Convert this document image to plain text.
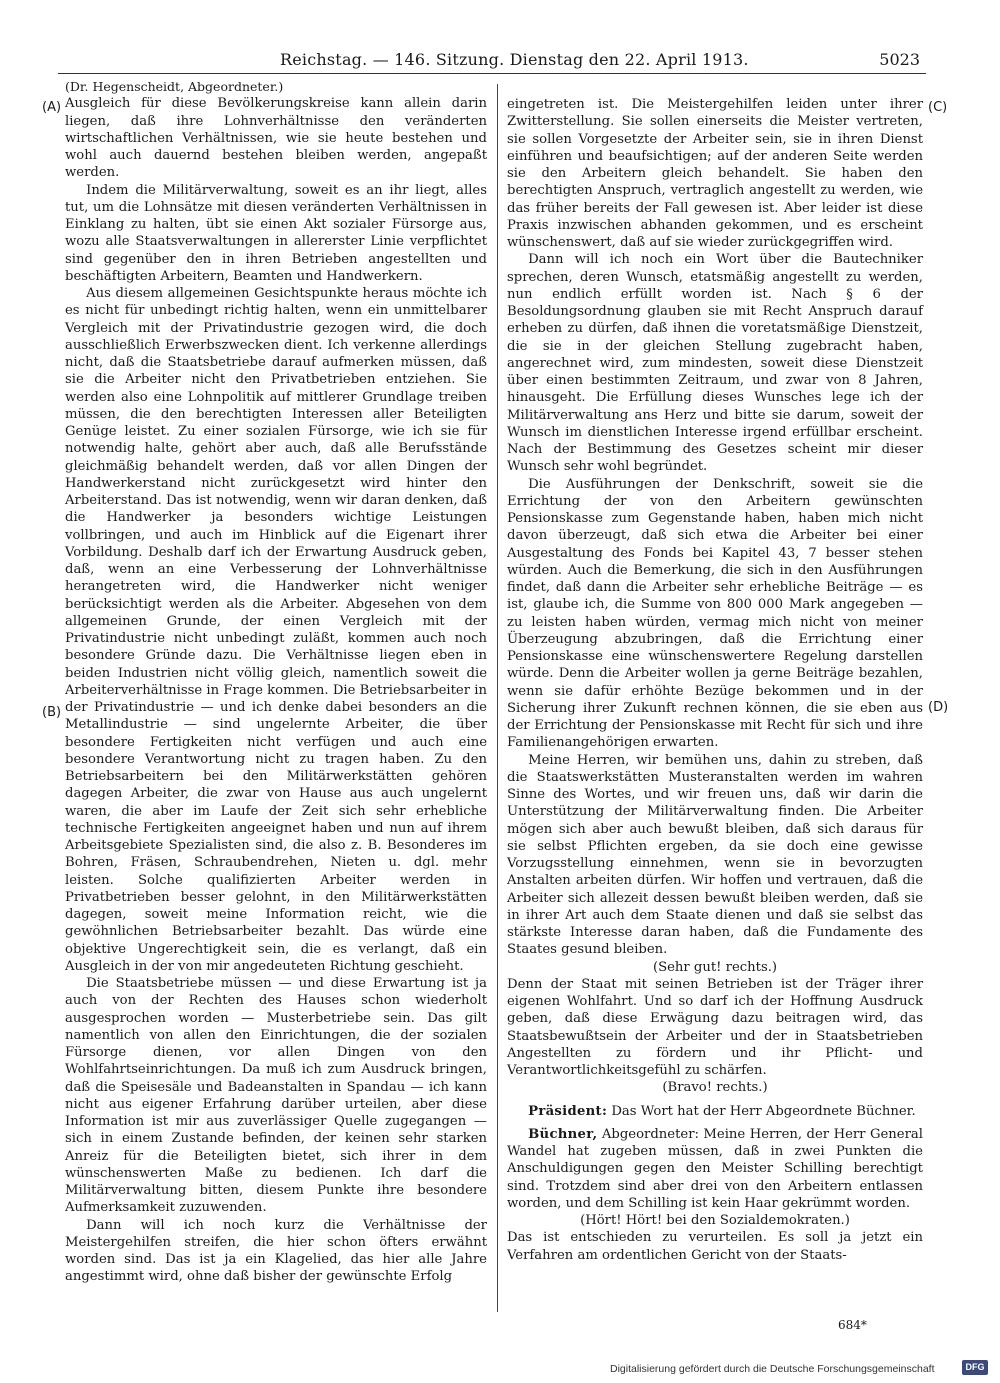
Reichstag. — 146. Sitzung. Dienstag den 22. April 1913.	5023
(A)
(B)
(C)
(D)

(Dr. Hegenscheidt, Abgeordneter.)

Ausgleich für diese Bevölkerungskreise kann allein darin liegen, daß ihre Lohnverhältnisse den veränderten wirtschaftlichen Verhältnissen, wie sie heute bestehen und wohl auch dauernd bestehen bleiben werden, angepaßt werden.

Indem die Militärverwaltung, soweit es an ihr liegt, alles tut, um die Lohnsätze mit diesen veränderten Verhältnissen in Einklang zu halten, übt sie einen Akt sozialer Fürsorge aus, wozu alle Staatsverwaltungen in allererster Linie verpflichtet sind gegenüber den in ihren Betrieben angestellten und beschäftigten Arbeitern, Beamten und Handwerkern.

Aus diesem allgemeinen Gesichtspunkte heraus möchte ich es nicht für unbedingt richtig halten, wenn ein unmittelbarer Vergleich mit der Privatindustrie gezogen wird, die doch ausschließlich Erwerbszwecken dient. Ich verkenne allerdings nicht, daß die Staatsbetriebe darauf aufmerken müssen, daß sie die Arbeiter nicht den Privatbetrieben entziehen. Sie werden also eine Lohnpolitik auf mittlerer Grundlage treiben müssen, die den berechtigten Interessen aller Beteiligten Genüge leistet. Zu einer sozialen Fürsorge, wie ich sie für notwendig halte, gehört aber auch, daß alle Berufsstände gleichmäßig behandelt werden, daß vor allen Dingen der Handwerkerstand nicht zurückgesetzt wird hinter den Arbeiterstand. Das ist notwendig, wenn wir daran denken, daß die Handwerker ja besonders wichtige Leistungen vollbringen, und auch im Hinblick auf die Eigenart ihrer Vorbildung. Deshalb darf ich der Erwartung Ausdruck geben, daß, wenn an eine Verbesserung der Lohnverhältnisse herangetreten wird, die Handwerker nicht weniger berücksichtigt werden als die Arbeiter. Abgesehen von dem allgemeinen Grunde, der einen Vergleich mit der Privatindustrie nicht unbedingt zuläßt, kommen auch noch besondere Gründe dazu. Die Verhältnisse liegen eben in beiden Industrien nicht völlig gleich, namentlich soweit die Arbeiterverhältnisse in Frage kommen. Die Betriebsarbeiter in der Privatindustrie — und ich denke dabei besonders an die Metallindustrie — sind ungelernte Arbeiter, die über besondere Fertigkeiten nicht verfügen und auch eine besondere Verantwortung nicht zu tragen haben. Zu den Betriebsarbeitern bei den Militärwerkstätten gehören dagegen Arbeiter, die zwar von Hause aus auch ungelernt waren, die aber im Laufe der Zeit sich sehr erhebliche technische Fertigkeiten angeeignet haben und nun auf ihrem Arbeitsgebiete Spezialisten sind, die also z. B. Besonderes im Bohren, Fräsen, Schraubendrehen, Nieten u. dgl. mehr leisten. Solche qualifizierten Arbeiter werden in Privatbetrieben besser gelohnt, in den Militärwerkstätten dagegen, soweit meine Information reicht, wie die gewöhnlichen Betriebsarbeiter bezahlt. Das würde eine objektive Ungerechtigkeit sein, die es verlangt, daß ein Ausgleich in der von mir angedeuteten Richtung geschieht.

Die Staatsbetriebe müssen — und diese Erwartung ist ja auch von der Rechten des Hauses schon wiederholt ausgesprochen worden — Musterbetriebe sein. Das gilt namentlich von allen den Einrichtungen, die der sozialen Fürsorge dienen, vor allen Dingen von den Wohlfahrtseinrichtungen. Da muß ich zum Ausdruck bringen, daß die Speisesäle und Badeanstalten in Spandau — ich kann nicht aus eigener Erfahrung darüber urteilen, aber diese Information ist mir aus zuverlässiger Quelle zugegangen — sich in einem Zustande befinden, der keinen sehr starken Anreiz für die Beteiligten bietet, sich ihrer in dem wünschenswerten Maße zu bedienen. Ich darf die Militärverwaltung bitten, diesem Punkte ihre besondere Aufmerksamkeit zuzuwenden.

Dann will ich noch kurz die Verhältnisse der Meistergehilfen streifen, die hier schon öfters erwähnt worden sind. Das ist ja ein Klagelied, das hier alle Jahre angestimmt wird, ohne daß bisher der gewünschte Erfolg

eingetreten ist. Die Meistergehilfen leiden unter ihrer Zwitterstellung. Sie sollen einerseits die Meister vertreten, sie sollen Vorgesetzte der Arbeiter sein, sie in ihren Dienst einführen und beaufsichtigen; auf der anderen Seite werden sie den Arbeitern gleich behandelt. Sie haben den berechtigten Anspruch, vertraglich angestellt zu werden, wie das früher bereits der Fall gewesen ist. Aber leider ist diese Praxis inzwischen abhanden gekommen, und es erscheint wünschenswert, daß auf sie wieder zurückgegriffen wird.

Dann will ich noch ein Wort über die Bautechniker sprechen, deren Wunsch, etatsmäßig angestellt zu werden, nun endlich erfüllt worden ist. Nach § 6 der Besoldungsordnung glauben sie mit Recht Anspruch darauf erheben zu dürfen, daß ihnen die voretatsmäßige Dienstzeit, die sie in der gleichen Stellung zugebracht haben, angerechnet wird, zum mindesten, soweit diese Dienstzeit über einen bestimmten Zeitraum, und zwar von 8 Jahren, hinausgeht. Die Erfüllung dieses Wunsches lege ich der Militärverwaltung ans Herz und bitte sie darum, soweit der Wunsch im dienstlichen Interesse irgend erfüllbar erscheint. Nach der Bestimmung des Gesetzes scheint mir dieser Wunsch sehr wohl begründet.

Die Ausführungen der Denkschrift, soweit sie die Errichtung der von den Arbeitern gewünschten Pensionskasse zum Gegenstande haben, haben mich nicht davon überzeugt, daß sich etwa die Arbeiter bei einer Ausgestaltung des Fonds bei Kapitel 43, 7 besser stehen würden. Auch die Bemerkung, die sich in den Ausführungen findet, daß dann die Arbeiter sehr erhebliche Beiträge — es ist, glaube ich, die Summe von 800 000 Mark angegeben — zu leisten haben würden, vermag mich nicht von meiner Überzeugung abzubringen, daß die Errichtung einer Pensionskasse eine wünschenswertere Regelung darstellen würde. Denn die Arbeiter wollen ja gerne Beiträge bezahlen, wenn sie dafür erhöhte Bezüge bekommen und in der Sicherung ihrer Zukunft rechnen können, die sie eben aus der Errichtung der Pensionskasse mit Recht für sich und ihre Familienangehörigen erwarten.

Meine Herren, wir bemühen uns, dahin zu streben, daß die Staatswerkstätten Musteranstalten werden im wahren Sinne des Wortes, und wir freuen uns, daß wir darin die Unterstützung der Militärverwaltung finden. Die Arbeiter mögen sich aber auch bewußt bleiben, daß sich daraus für sie selbst Pflichten ergeben, da sie doch eine gewisse Vorzugsstellung einnehmen, wenn sie in bevorzugten Anstalten arbeiten dürfen. Wir hoffen und vertrauen, daß die Arbeiter sich allezeit dessen bewußt bleiben werden, daß sie in ihrer Art auch dem Staate dienen und daß sie selbst das stärkste Interesse daran haben, daß die Fundamente des Staates gesund bleiben.

(Sehr gut! rechts.)

Denn der Staat mit seinen Betrieben ist der Träger ihrer eigenen Wohlfahrt. Und so darf ich der Hoffnung Ausdruck geben, daß diese Erwägung dazu beitragen wird, das Staatsbewußtsein der Arbeiter und der in Staatsbetrieben Angestellten zu fördern und ihr Pflicht- und Verantwortlichkeitsgefühl zu schärfen.

(Bravo! rechts.)

Präsident: Das Wort hat der Herr Abgeordnete Büchner.

Büchner, Abgeordneter: Meine Herren, der Herr General Wandel hat zugeben müssen, daß in zwei Punkten die Anschuldigungen gegen den Meister Schilling berechtigt sind. Trotzdem sind aber drei von den Arbeitern entlassen worden, und dem Schilling ist kein Haar gekrümmt worden.

(Hört! Hört! bei den Sozialdemokraten.)

Das ist entschieden zu verurteilen. Es soll ja jetzt ein Verfahren am ordentlichen Gericht von der Staats-

684*
Digitalisierung gefördert durch die Deutsche Forschungsgemeinschaft	DFG
